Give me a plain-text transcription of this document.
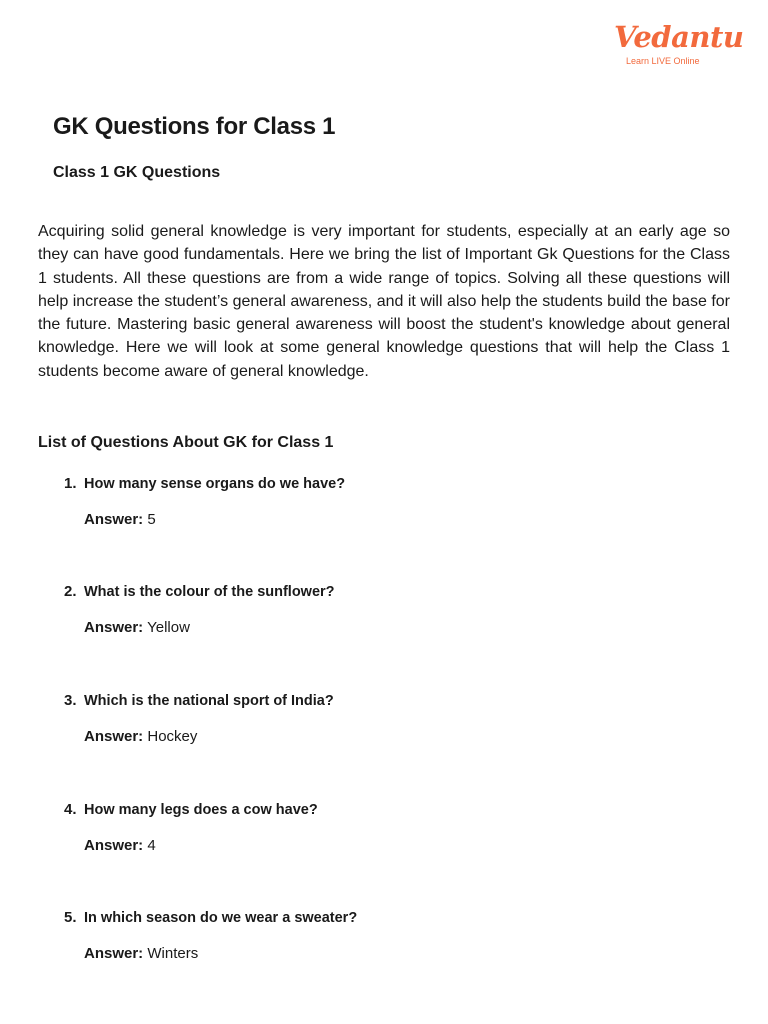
Vedantu
Learn LIVE Online
GK Questions for Class 1
Class 1 GK Questions

Acquiring solid general knowledge is very important for students, especially at an early age so they can have good fundamentals. Here we bring the list of Important Gk Questions for the Class 1 students. All these questions are from a wide range of topics. Solving all these questions will help increase the student’s general awareness, and it will also help the students build the base for the future. Mastering basic general awareness will boost the student's knowledge about general knowledge. Here we will look at some general knowledge questions that will help the Class 1 students become aware of general knowledge.

List of Questions About GK for Class 1
1. How many sense organs do we have?
Answer: 5
2. What is the colour of the sunflower?
Answer: Yellow
3. Which is the national sport of India?
Answer: Hockey
4. How many legs does a cow have?
Answer: 4
5. In which season do we wear a sweater?
Answer: Winters
